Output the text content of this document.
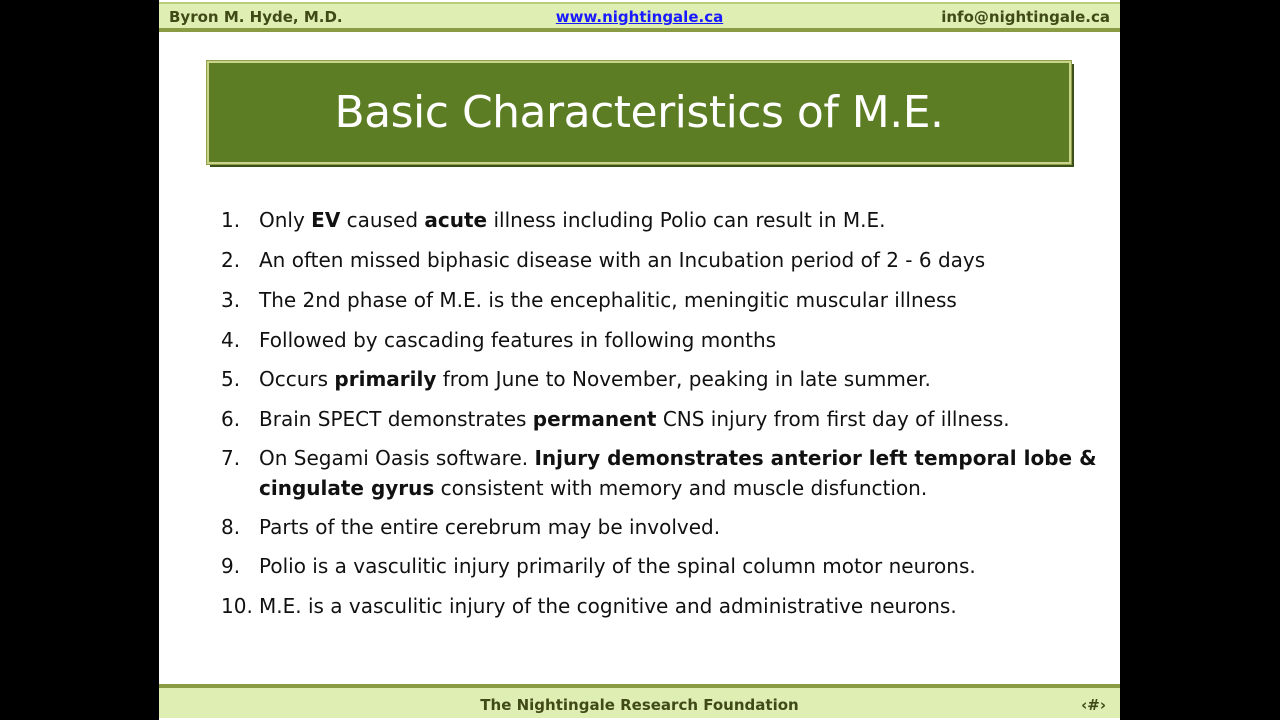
Byron M. Hyde, M.D.	www.nightingale.ca	info@nightingale.ca
Basic Characteristics of M.E.
1. Only EV caused acute illness including Polio can result in M.E.
2. An often missed biphasic disease with an Incubation period of 2 - 6 days
3. The 2nd phase of M.E. is the encephalitic, meningitic muscular illness
4. Followed by cascading features in following months
5. Occurs primarily from June to November, peaking in late summer.
6. Brain SPECT demonstrates permanent CNS injury from first day of illness.
7. On Segami Oasis software. Injury demonstrates anterior left temporal lobe & cingulate gyrus consistent with memory and muscle disfunction.
8. Parts of the entire cerebrum may be involved.
9. Polio is a vasculitic injury primarily of the spinal column motor neurons.
10. M.E. is a vasculitic injury of the cognitive and administrative neurons.
The Nightingale Research Foundation	‹#›
